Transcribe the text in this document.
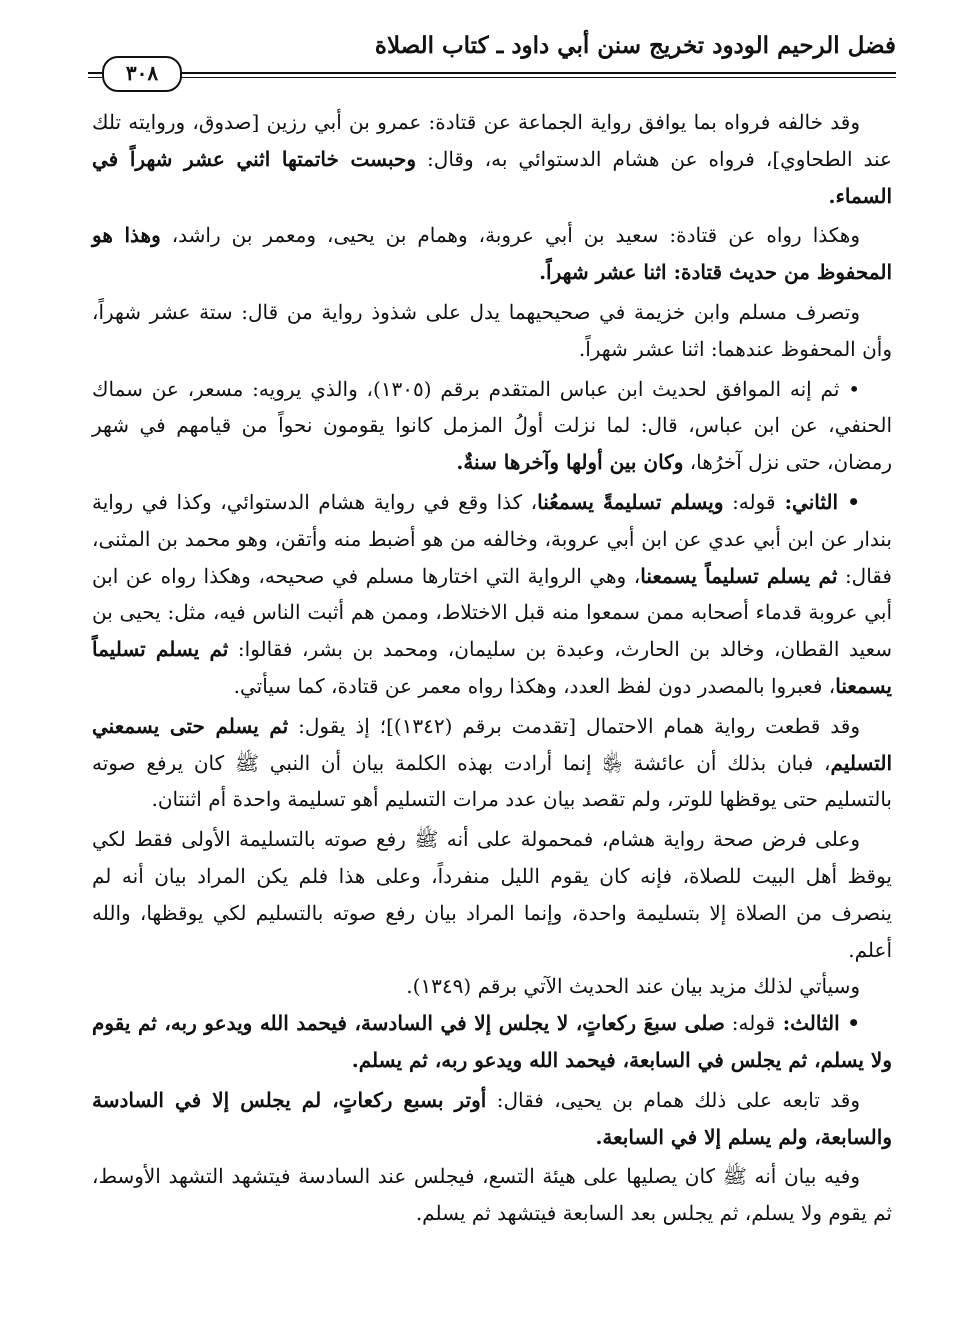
فضل الرحيم الودود تخريج سنن أبي داود ـ كتاب الصلاة
٣٠٨

وقد خالفه فرواه بما يوافق رواية الجماعة عن قتادة: عمرو بن أبي رزين [صدوق، وروايته تلك عند الطحاوي]، فرواه عن هشام الدستوائي به، وقال: وحبست خاتمتها اثني عشر شهراً في السماء.

وهكذا رواه عن قتادة: سعيد بن أبي عروبة، وهمام بن يحيى، ومعمر بن راشد، وهذا هو المحفوظ من حديث قتادة: اثنا عشر شهراً.

وتصرف مسلم وابن خزيمة في صحيحيهما يدل على شذوذ رواية من قال: ستة عشر شهراً، وأن المحفوظ عندهما: اثنا عشر شهراً.

• ثم إنه الموافق لحديث ابن عباس المتقدم برقم (١٣٠٥)، والذي يرويه: مسعر، عن سماك الحنفي، عن ابن عباس، قال: لما نزلت أولُ المزمل كانوا يقومون نحواً من قيامهم في شهر رمضان، حتى نزل آخرُها، وكان بين أولها وآخرها سنةٌ.

• الثاني: قوله: ويسلم تسليمةً يسمعُنا، كذا وقع في رواية هشام الدستوائي، وكذا في رواية بندار عن ابن أبي عدي عن ابن أبي عروبة، وخالفه من هو أضبط منه وأتقن، وهو محمد بن المثنى، فقال: ثم يسلم تسليماً يسمعنا، وهي الرواية التي اختارها مسلم في صحيحه، وهكذا رواه عن ابن أبي عروبة قدماء أصحابه ممن سمعوا منه قبل الاختلاط، وممن هم أثبت الناس فيه، مثل: يحيى بن سعيد القطان، وخالد بن الحارث، وعبدة بن سليمان، ومحمد بن بشر، فقالوا: ثم يسلم تسليماً يسمعنا، فعبروا بالمصدر دون لفظ العدد، وهكذا رواه معمر عن قتادة، كما سيأتي.

وقد قطعت رواية همام الاحتمال [تقدمت برقم (١٣٤٢)]؛ إذ يقول: ثم يسلم حتى يسمعني التسليم، فبان بذلك أن عائشة ﵂ إنما أرادت بهذه الكلمة بيان أن النبي ﷺ كان يرفع صوته بالتسليم حتى يوقظها للوتر، ولم تقصد بيان عدد مرات التسليم أهو تسليمة واحدة أم اثنتان.

وعلى فرض صحة رواية هشام، فمحمولة على أنه ﷺ رفع صوته بالتسليمة الأولى فقط لكي يوقظ أهل البيت للصلاة، فإنه كان يقوم الليل منفرداً، وعلى هذا فلم يكن المراد بيان أنه لم ينصرف من الصلاة إلا بتسليمة واحدة، وإنما المراد بيان رفع صوته بالتسليم لكي يوقظها، والله أعلم.

وسيأتي لذلك مزيد بيان عند الحديث الآتي برقم (١٣٤٩).

• الثالث: قوله: صلى سبعَ ركعاتٍ، لا يجلس إلا في السادسة، فيحمد الله ويدعو ربه، ثم يقوم ولا يسلم، ثم يجلس في السابعة، فيحمد الله ويدعو ربه، ثم يسلم.

وقد تابعه على ذلك همام بن يحيى، فقال: أوتر بسبع ركعاتٍ، لم يجلس إلا في السادسة والسابعة، ولم يسلم إلا في السابعة.

وفيه بيان أنه ﷺ كان يصليها على هيئة التسع، فيجلس عند السادسة فيتشهد التشهد الأوسط، ثم يقوم ولا يسلم، ثم يجلس بعد السابعة فيتشهد ثم يسلم.
